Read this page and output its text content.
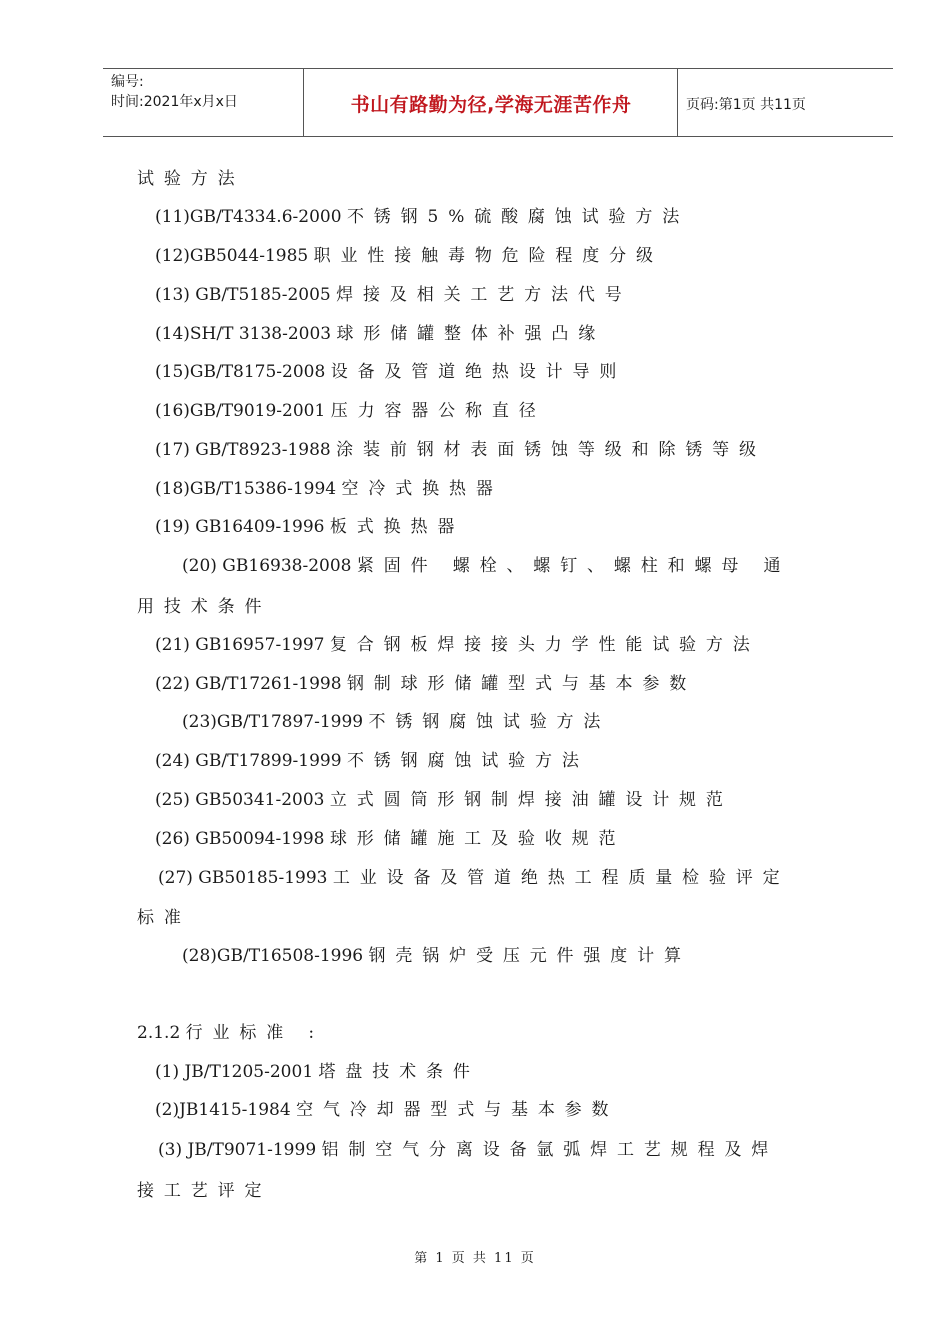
编号:
时间:2021年x月x日	书山有路勤为径,学海无涯苦作舟	页码:第1页 共11页
试验方法
(11)GB/T4334.6-2000 不锈钢5%硫酸腐蚀试验方法
(12)GB5044-1985 职业性接触毒物危险程度分级
(13) GB/T5185-2005 焊接及相关工艺方法代号
(14)SH/T 3138-2003 球形储罐整体补强凸缘
(15)GB/T8175-2008 设备及管道绝热设计导则
(16)GB/T9019-2001 压力容器公称直径
(17) GB/T8923-1988 涂装前钢材表面锈蚀等级和除锈等级
(18)GB/T15386-1994 空冷式换热器
(19) GB16409-1996 板式换热器
(20) GB16938-2008 紧固件 螺栓、螺钉、螺柱和螺母 通
用技术条件
(21) GB16957-1997 复合钢板焊接接头力学性能试验方法
(22) GB/T17261-1998 钢制球形储罐型式与基本参数
(23)GB/T17897-1999 不锈钢腐蚀试验方法
(24) GB/T17899-1999 不锈钢腐蚀试验方法
(25) GB50341-2003 立式圆筒形钢制焊接油罐设计规范
(26) GB50094-1998 球形储罐施工及验收规范
(27) GB50185-1993 工业设备及管道绝热工程质量检验评定
标准
(28)GB/T16508-1996 钢壳锅炉受压元件强度计算
2.1.2 行业标准 :
(1) JB/T1205-2001 塔盘技术条件
(2)JB1415-1984 空气冷却器型式与基本参数
(3) JB/T9071-1999 铝制空气分离设备氩弧焊工艺规程及焊
接工艺评定
第 1 页 共 11 页
